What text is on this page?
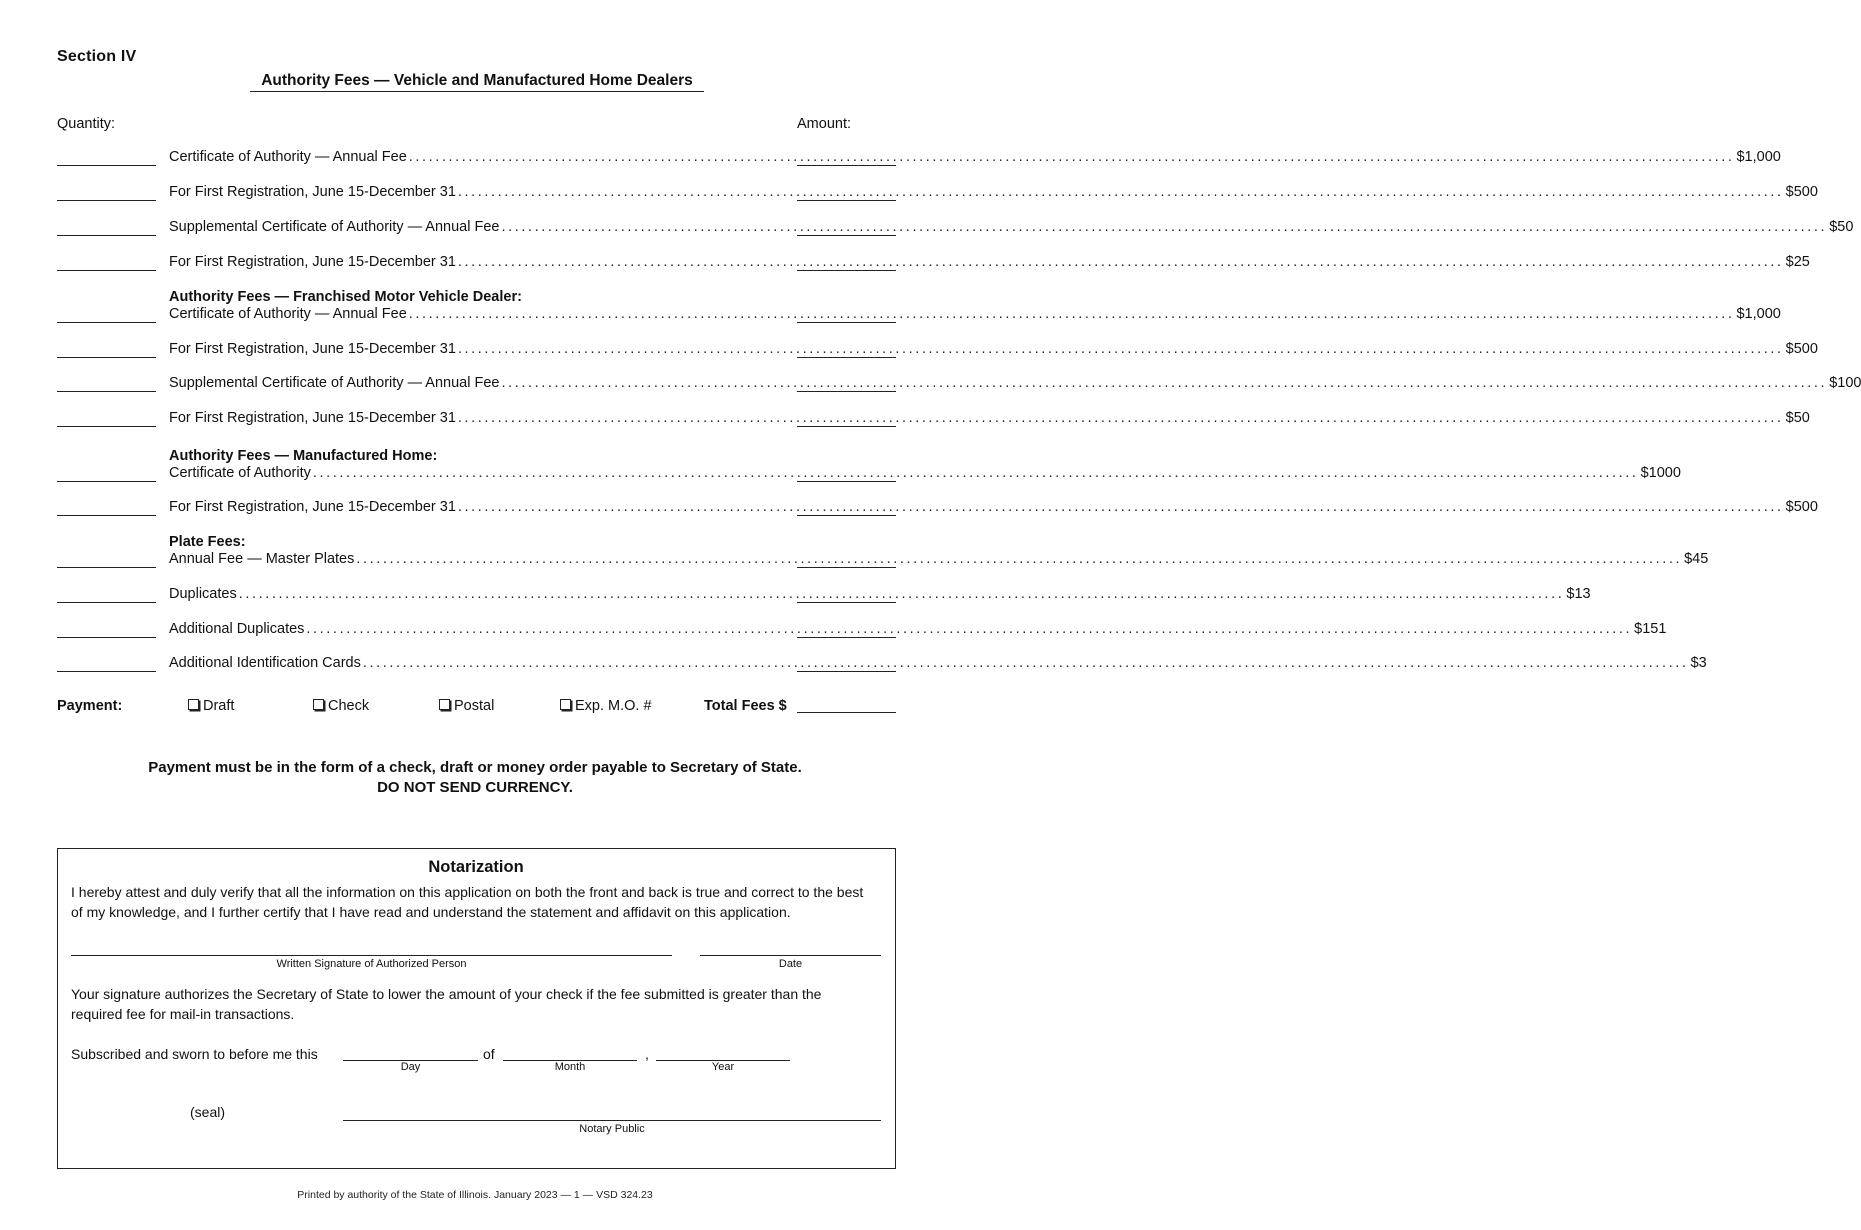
Section IV
Authority Fees — Vehicle and Manufactured Home Dealers
Quantity:	Amount:
Certificate of Authority — Annual Fee ........................................................................................................................................................................................................ $1,000
For First Registration, June 15-December 31 ........................................................................................................................................................................................................ $500
Supplemental Certificate of Authority — Annual Fee ........................................................................................................................................................................................................ $50
For First Registration, June 15-December 31 ........................................................................................................................................................................................................ $25
Authority Fees — Franchised Motor Vehicle Dealer:
Certificate of Authority — Annual Fee ........................................................................................................................................................................................................ $1,000
For First Registration, June 15-December 31 ........................................................................................................................................................................................................ $500
Supplemental Certificate of Authority — Annual Fee ........................................................................................................................................................................................................ $100
For First Registration, June 15-December 31 ........................................................................................................................................................................................................ $50
Authority Fees — Manufactured Home:
Certificate of Authority ........................................................................................................................................................................................................ $1000
For First Registration, June 15-December 31 ........................................................................................................................................................................................................ $500
Plate Fees:
Annual Fee — Master Plates ........................................................................................................................................................................................................ $45
Duplicates ........................................................................................................................................................................................................ $13
Additional Duplicates ........................................................................................................................................................................................................ $151
Additional Identification Cards ........................................................................................................................................................................................................ $3
Payment:	Draft	Check	Postal	Exp. M.O. #	Total Fees $
Payment must be in the form of a check, draft or money order payable to Secretary of State.
DO NOT SEND CURRENCY.
Notarization
I hereby attest and duly verify that all the information on this application on both the front and back is true and correct to the best of my knowledge, and I further certify that I have read and understand the statement and affidavit on this application.
Written Signature of Authorized Person	Date
Your signature authorizes the Secretary of State to lower the amount of your check if the fee submitted is greater than the required fee for mail-in transactions.
Subscribed and sworn to before me this
Day
of
Month
,
Year
(seal)
Notary Public
Printed by authority of the State of Illinois. January 2023 — 1 — VSD 324.23
